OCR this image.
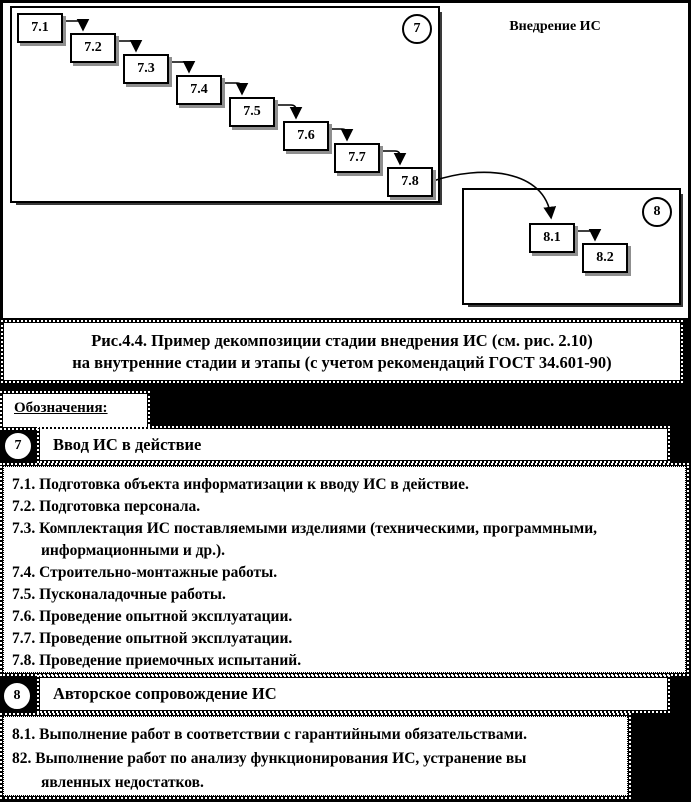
Внедрение ИС
7
8
7.1
7.2
7.3
7.4
7.5
7.6
7.7
7.8
8.1
8.2
Рис.4.4. Пример декомпозиции стадии внедрения ИС (см. рис. 2.10)
на внутренние стадии и этапы (с учетом рекомендаций ГОСТ 34.601-90)
Обозначения:
7	Ввод ИС в действие
7.1. Подготовка объекта информатизации к вводу ИС в действие.
7.2. Подготовка персонала.
7.3. Комплектация ИС поставляемыми изделиями (техническими, программными,
информационными и др.).
7.4. Строительно-монтажные работы.
7.5. Пусконаладочные работы.
7.6. Проведение опытной эксплуатации.
7.7. Проведение опытной эксплуатации.
7.8. Проведение приемочных испытаний.
8	Авторское сопровождение ИС
8.1. Выполнение работ в соответствии с гарантийными обязательствами.
82. Выполнение работ по анализу функционирования ИС, устранение вы
явленных недостатков.
